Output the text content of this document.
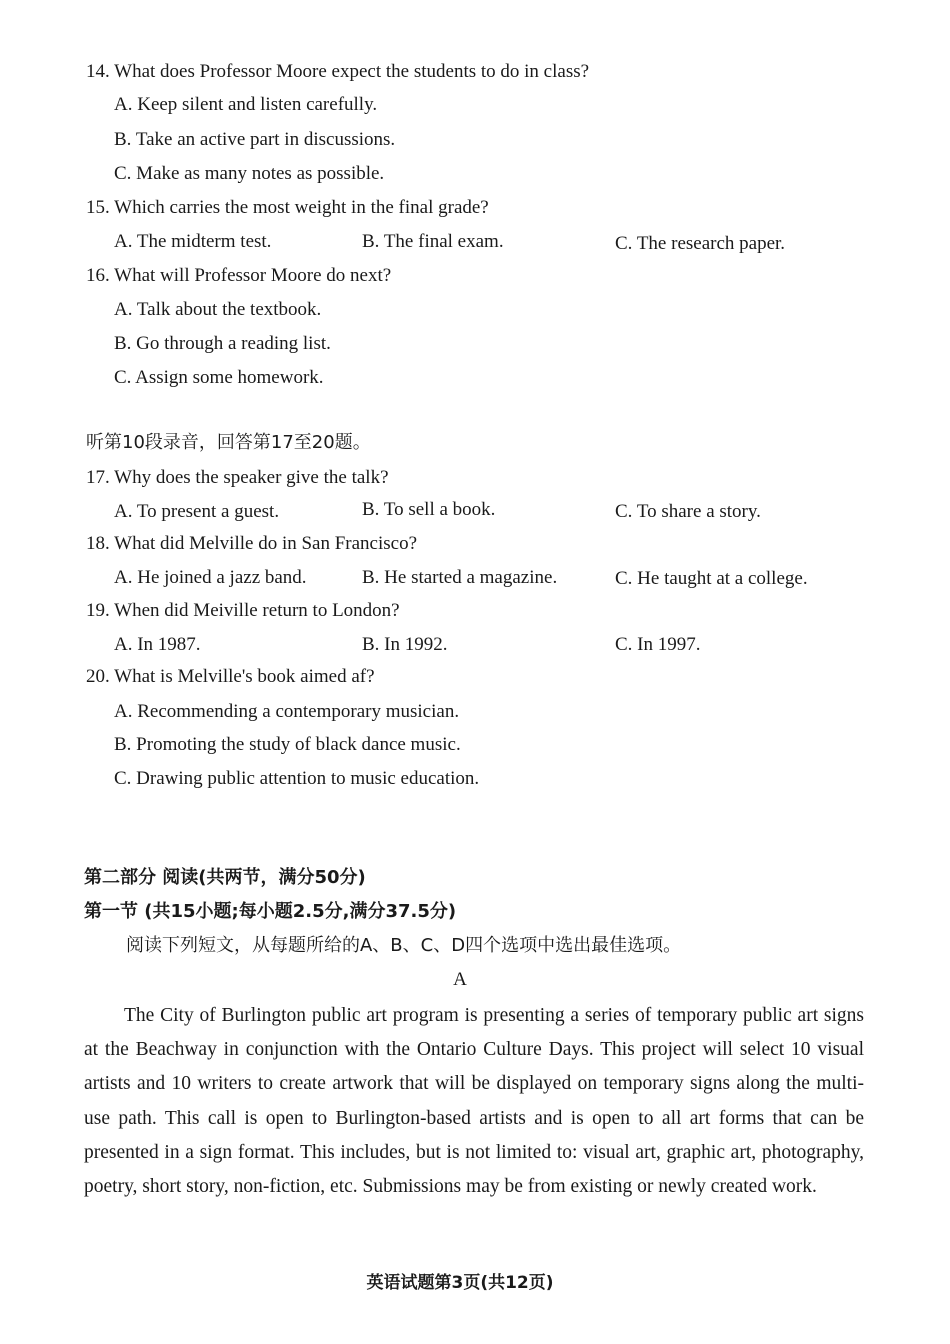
14. What does Professor Moore expect the students to do in class?
A. Keep silent and listen carefully.
B. Take an active part in discussions.
C. Make as many notes as possible.
15. Which carries the most weight in the final grade?
A. The midterm test.	B. The final exam.	C. The research paper.
16. What will Professor Moore do next?
A. Talk about the textbook.
B. Go through a reading list.
C. Assign some homework.
听第10段录音，回答第17至20题。
17. Why does the speaker give the talk?
A. To present a guest.	B. To sell a book.	C. To share a story.
18. What did Melville do in San Francisco?
A. He joined a jazz band.	B. He started a magazine.	C. He taught at a college.
19. When did Meiville return to London?
A. In 1987.	B. In 1992.	C. In 1997.
20. What is Melville's book aimed af?
A. Recommending a contemporary musician.
B. Promoting the study of black dance music.
C. Drawing public attention to music education.
第二部分 阅读(共两节，满分50分)
第一节 (共15小题;每小题2.5分,满分37.5分)
阅读下列短文，从每题所给的A、B、C、D四个选项中选出最佳选项。
A
The City of Burlington public art program is presenting a series of temporary public art signs at the Beachway in conjunction with the Ontario Culture Days. This project will select 10 visual artists and 10 writers to create artwork that will be displayed on temporary signs along the multi-use path. This call is open to Burlington-based artists and is open to all art forms that can be presented in a sign format. This includes, but is not limited to: visual art, graphic art, photography, poetry, short story, non-fiction, etc. Submissions may be from existing or newly created work.
英语试题第3页(共12页)
